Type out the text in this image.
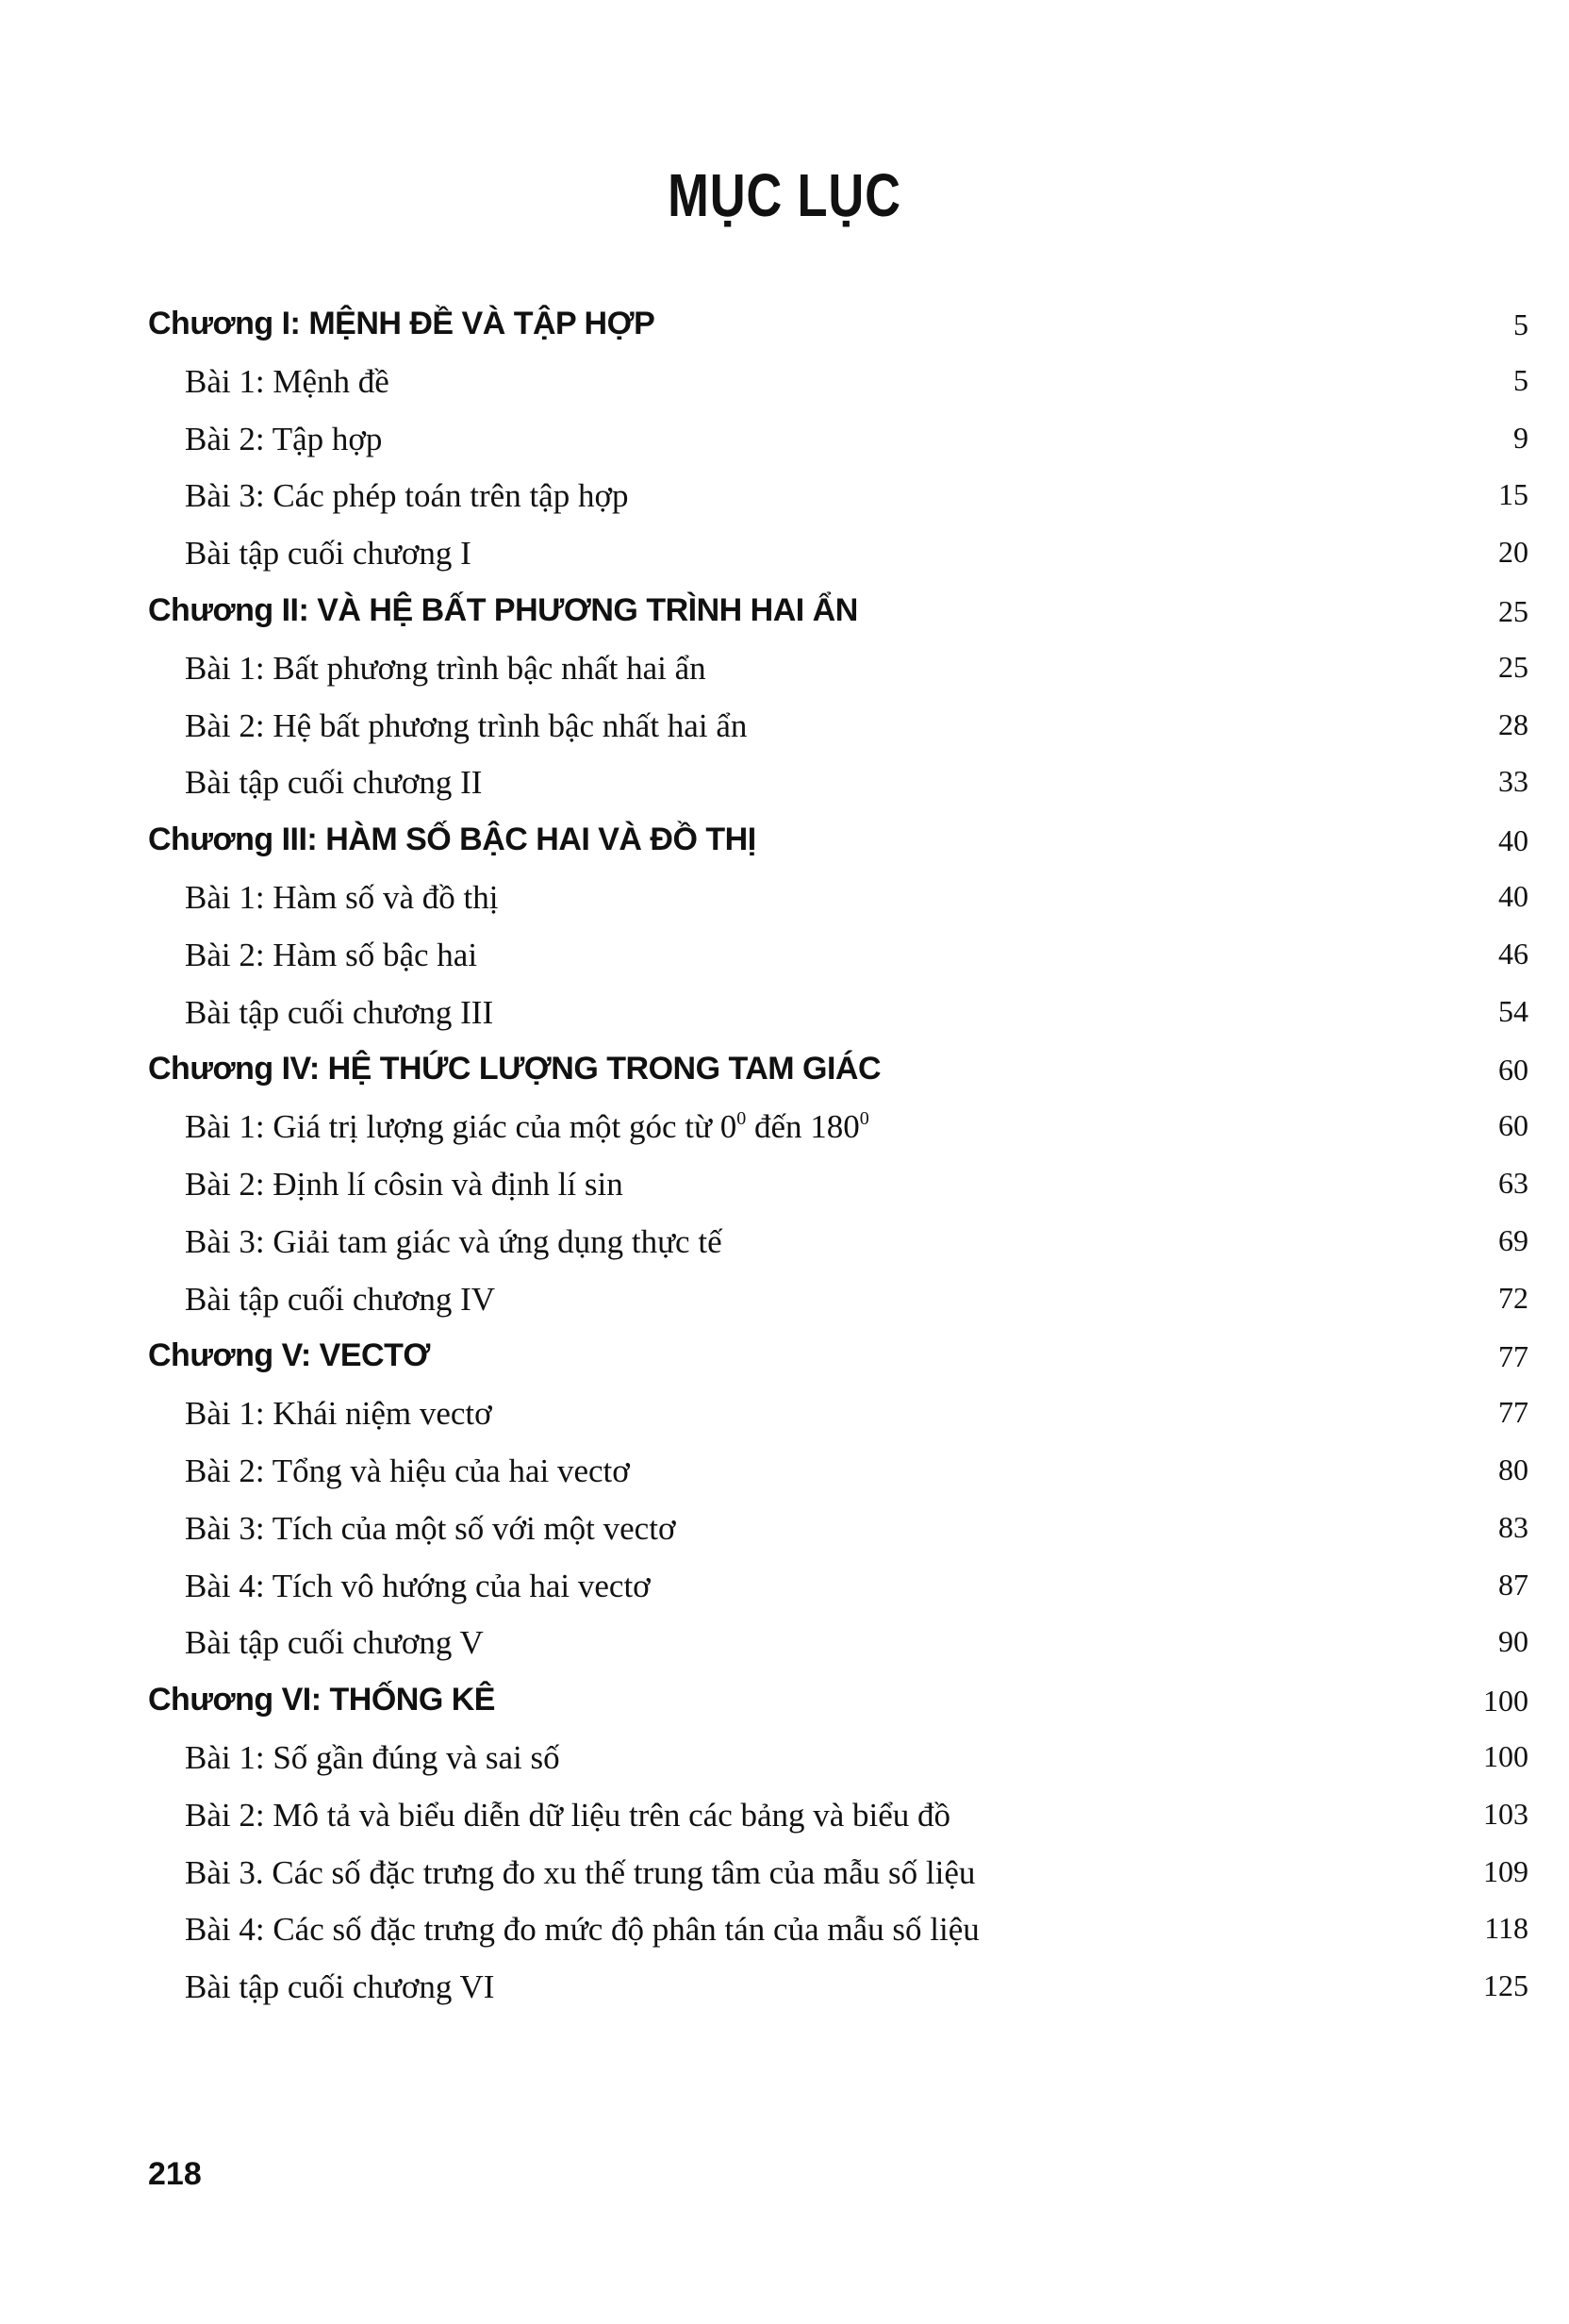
MỤC LỤC
Chương I: MỆNH ĐỀ VÀ TẬP HỢP	5
Bài 1: Mệnh đề	5
Bài 2: Tập hợp	9
Bài 3: Các phép toán trên tập hợp	15
Bài tập cuối chương I	20
Chương II: VÀ HỆ BẤT PHƯƠNG TRÌNH HAI ẨN	25
Bài 1: Bất phương trình bậc nhất hai ẩn	25
Bài 2: Hệ bất phương trình bậc nhất hai ẩn	28
Bài tập cuối chương II	33
Chương III: HÀM SỐ BẬC HAI VÀ ĐỒ THỊ	40
Bài 1: Hàm số và đồ thị	40
Bài 2: Hàm số bậc hai	46
Bài tập cuối chương III	54
Chương IV: HỆ THỨC LƯỢNG TRONG TAM GIÁC	60
Bài 1: Giá trị lượng giác của một góc từ $0^0$ đến $180^0$	60
Bài 2: Định lí côsin và định lí sin	63
Bài 3: Giải tam giác và ứng dụng thực tế	69
Bài tập cuối chương IV	72
Chương V: VECTƠ	77
Bài 1: Khái niệm vectơ	77
Bài 2: Tổng và hiệu của hai vectơ	80
Bài 3: Tích của một số với một vectơ	83
Bài 4: Tích vô hướng của hai vectơ	87
Bài tập cuối chương V	90
Chương VI: THỐNG KÊ	100
Bài 1: Số gần đúng và sai số	100
Bài 2: Mô tả và biểu diễn dữ liệu trên các bảng và biểu đồ	103
Bài 3. Các số đặc trưng đo xu thế trung tâm của mẫu số liệu	109
Bài 4: Các số đặc trưng đo mức độ phân tán của mẫu số liệu	118
Bài tập cuối chương VI	125
218
